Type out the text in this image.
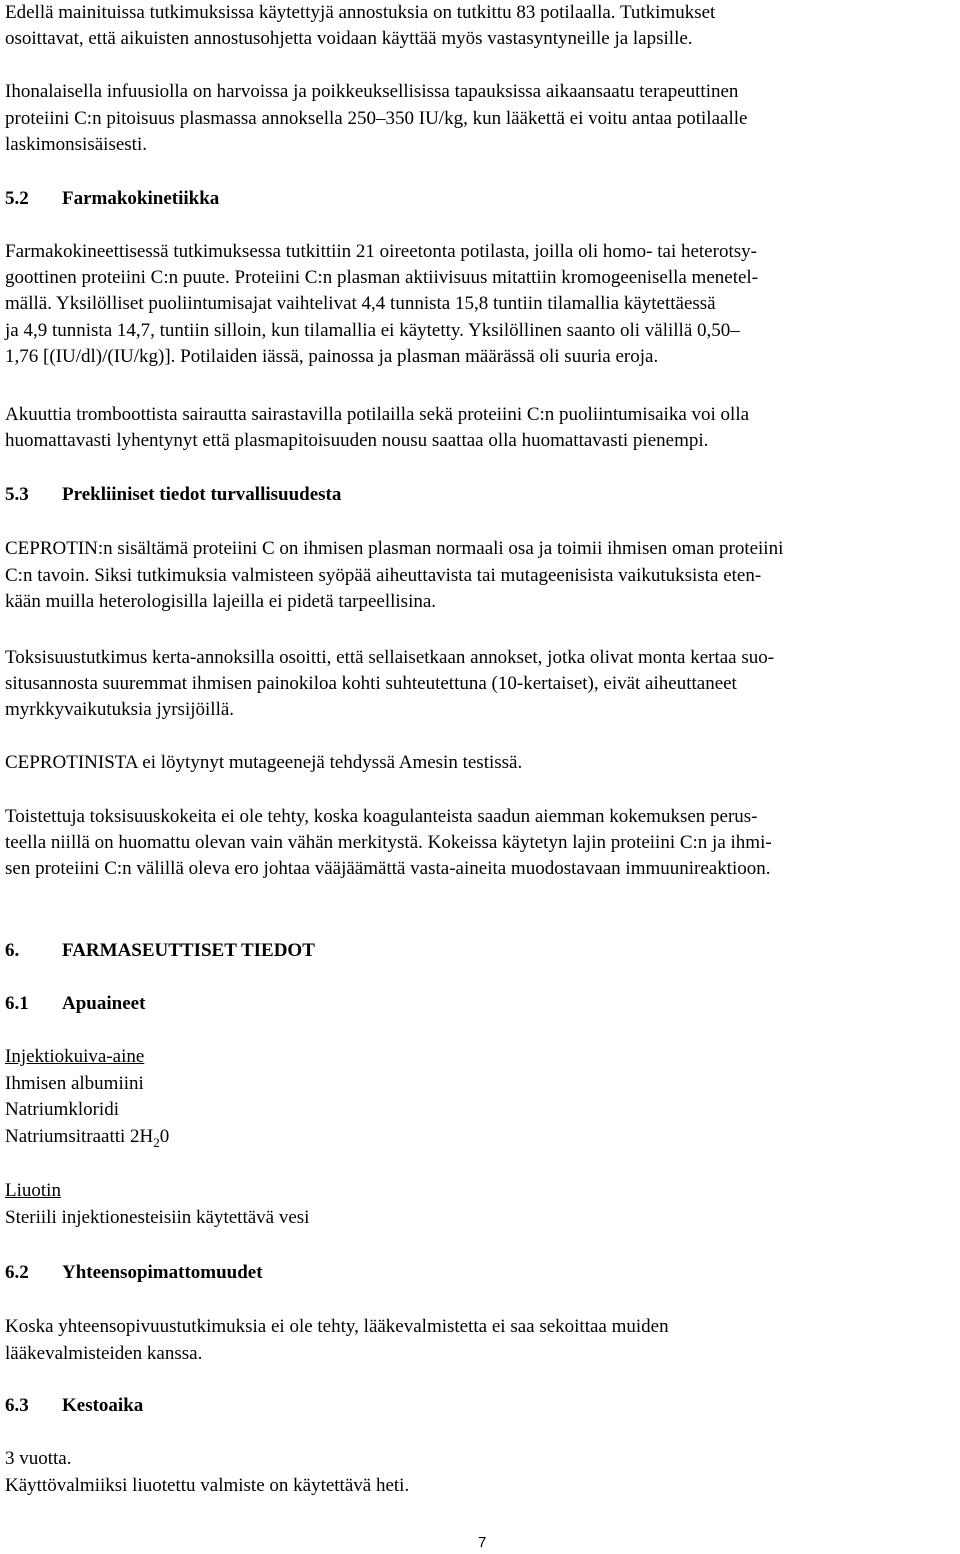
Edellä mainituissa tutkimuksissa käytettyjä annostuksia on tutkittu 83 potilaalla. Tutkimukset
osoittavat, että aikuisten annostusohjetta voidaan käyttää myös vastasyntyneille ja lapsille.
Ihonalaisella infuusiolla on harvoissa ja poikkeuksellisissa tapauksissa aikaansaatu terapeuttinen
proteiini C:n pitoisuus plasmassa annoksella 250–350 IU/kg, kun lääkettä ei voitu antaa potilaalle
laskimonsisäisesti.
5.2 Farmakokinetiikka
Farmakokineettisessä tutkimuksessa tutkittiin 21 oireetonta potilasta, joilla oli homo- tai heterotsy-
goottinen proteiini C:n puute. Proteiini C:n plasman aktiivisuus mitattiin kromogeenisella menetel-
mällä. Yksilölliset puoliintumisajat vaihtelivat 4,4 tunnista 15,8 tuntiin tilamallia käytettäessä
ja 4,9 tunnista 14,7, tuntiin silloin, kun tilamallia ei käytetty. Yksilöllinen saanto oli välillä 0,50–
1,76 [(IU/dl)/(IU/kg)]. Potilaiden iässä, painossa ja plasman määrässä oli suuria eroja.
Akuuttia tromboottista sairautta sairastavilla potilailla sekä proteiini C:n puoliintumisaika voi olla
huomattavasti lyhentynyt että plasmapitoisuuden nousu saattaa olla huomattavasti pienempi.
5.3 Prekliiniset tiedot turvallisuudesta
CEPROTIN:n sisältämä proteiini C on ihmisen plasman normaali osa ja toimii ihmisen oman proteiini
C:n tavoin. Siksi tutkimuksia valmisteen syöpää aiheuttavista tai mutageenisista vaikutuksista eten-
kään muilla heterologisilla lajeilla ei pidetä tarpeellisina.
Toksisuustutkimus kerta-annoksilla osoitti, että sellaisetkaan annokset, jotka olivat monta kertaa suo-
situsannosta suuremmat ihmisen painokiloa kohti suhteutettuna (10-kertaiset), eivät aiheuttaneet
myrkkyvaikutuksia jyrsijöillä.
CEPROTINISTA ei löytynyt mutageenejä tehdyssä Amesin testissä.
Toistettuja toksisuuskokeita ei ole tehty, koska koagulanteista saadun aiemman kokemuksen perus-
teella niillä on huomattu olevan vain vähän merkitystä. Kokeissa käytetyn lajin proteiini C:n ja ihmi-
sen proteiini C:n välillä oleva ero johtaa vääjäämättä vasta-aineita muodostavaan immuunireaktioon.
6. FARMASEUTTISET TIEDOT
6.1 Apuaineet
Injektiokuiva-aine
Ihmisen albumiini
Natriumkloridi
Natriumsitraatti $2H_20$
Liuotin
Steriili injektionesteisiin käytettävä vesi
6.2 Yhteensopimattomuudet
Koska yhteensopivuustutkimuksia ei ole tehty, lääkevalmistetta ei saa sekoittaa muiden
lääkevalmisteiden kanssa.
6.3 Kestoaika
3 vuotta.
Käyttövalmiiksi liuotettu valmiste on käytettävä heti.
7
